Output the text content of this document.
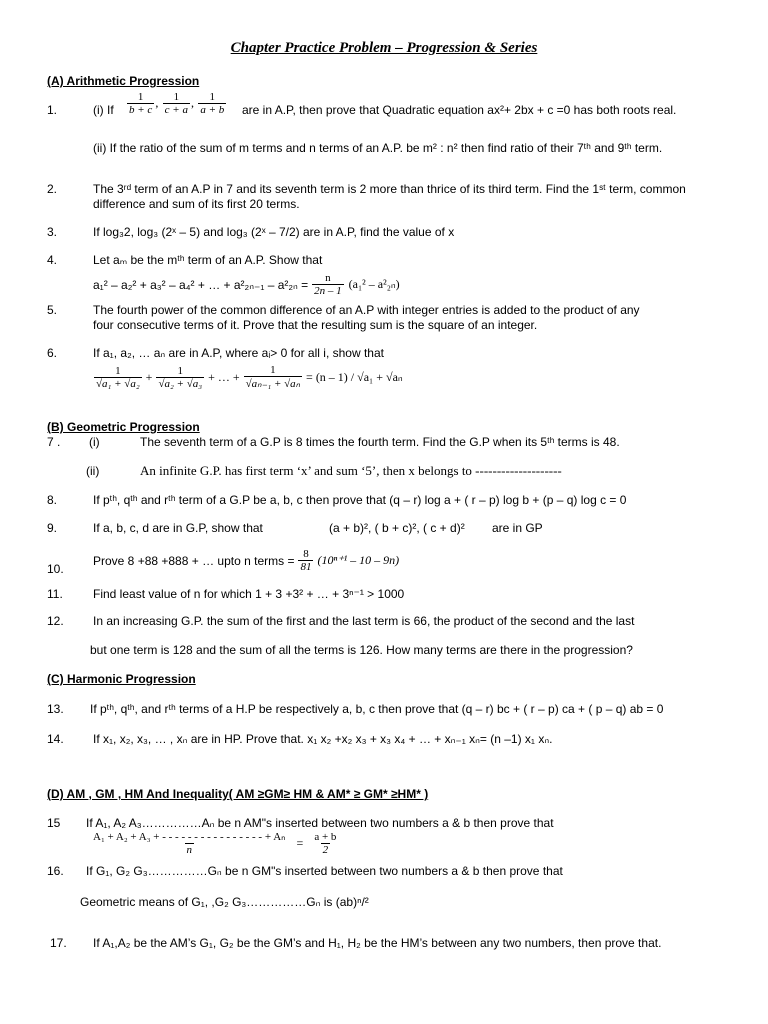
Chapter Practice Problem – Progression & Series
(A) Arithmetic Progression
1.	(i) If $\frac{1}{b + c}$ , $\frac{1}{c + a}$ , $\frac{1}{a + b}$ are in A.P, then prove that Quadratic equation ax²+ 2bx + c =0 has both roots real.
(ii) If the ratio of the sum of m terms and n terms of an A.P. be m² : n² then find ratio of their 7ᵗʰ and 9ᵗʰ term.
2.	The 3ʳᵈ term of an A.P in 7 and its seventh term is 2 more than thrice of its third term. Find the 1ˢᵗ term, common
difference and sum of its first 20 terms.
3.	If log₃2, log₃ (2ˣ – 5) and log₃ (2ˣ – 7/2) are in A.P, find the value of x
4.	Let aₘ be the mᵗʰ term of an A.P. Show that
a₁² – a₂² + a₃² – a₄² + … + $a^2_{2n-1} - a^2_{2n} = \frac{n}{2n - 1} (a_1^2 - a^2_{2n})$
5.	The fourth power of the common difference of an A.P with integer entries is added to the product of any
four consecutive terms of it. Prove that the resulting sum is the square of an integer.
6.	If a₁, a₂, … aₙ are in A.P, where aᵢ> 0 for all i, show that
$\frac{1}{\text{√a₁ + √a₂}} + \frac{1}{\text{√a₂ + √a₃}}$ + … + $\frac{1}{\text{√aₙ₋₁ + √aₙ}} = (n - 1) / √a_1 + √a_n$
(B) Geometric Progression
7 . (i)	The seventh term of a G.P is 8 times the fourth term. Find the G.P when its 5ᵗʰ terms is 48.
(ii)	An infinite G.P. has first term ‘x’ and sum ‘5’, then x belongs to --------------------
8.	If pᵗʰ, qᵗʰ and rᵗʰ term of a G.P be a, b, c then prove that (q – r) log a + ( r – p) log b + (p – q) log c = 0
9.	If a, b, c, d are in G.P, show that	(a + b)², ( b + c)², ( c + d)² are in GP
10.
Prove 8 +88 +888 + … upto n terms = $\frac{8}{81} (10^{n+1} - 10 - 9n)$
11.	Find least value of n for which 1 + 3 +3² + … + 3ⁿ⁻¹ > 1000
12. In an increasing G.P. the sum of the first and the last term is 66, the product of the second and the last
but one term is 128 and the sum of all the terms is 126. How many terms are there in the progression?
(C) Harmonic Progression
13. If pᵗʰ, qᵗʰ, and rᵗʰ terms of a H.P be respectively a, b, c then prove that (q – r) bc + ( r – p) ca + ( p – q) ab = 0
14. If x₁, x₂, x₃, … , xₙ are in HP. Prove that. x₁ x₂ +x₂ x₃ + x₃ x₄ + … + xₙ₋₁ xₙ= (n –1) x₁ xₙ.
(D) AM , GM , HM And Inequality( AM ≥GM≥ HM & AM* ≥ GM* ≥HM* )
15 If A₁, A₂ A₃……………Aₙ be n AM"s inserted between two numbers a & b then prove that
$\frac{\text{A₁ + A₂ + A₃ + - - - - - - - - - - - - - - - - + Aₙ}}{n} = \frac{a + b}{2}$
16. If G₁, G₂ G₃……………Gₙ be n GM"s inserted between two numbers a & b then prove that
Geometric means of G₁, ,G₂ G₃……………Gₙ is (ab)ⁿ/²
17. If A₁,A₂ be the AM’s G₁, G₂ be the GM’s and H₁, H₂ be the HM’s between any two numbers, then prove that.
